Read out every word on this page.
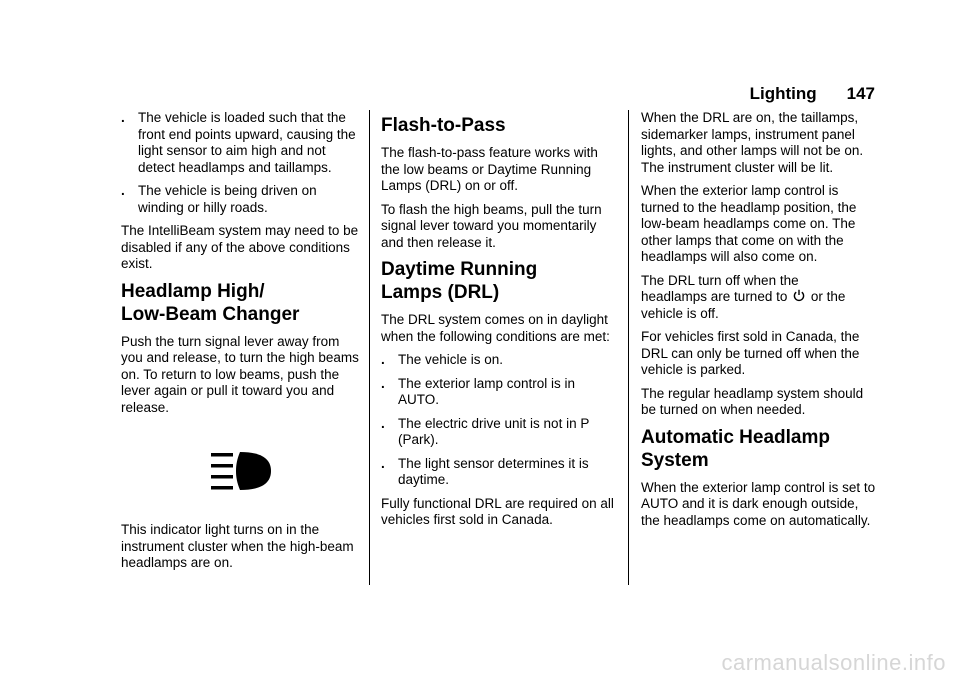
Lighting 147
. The vehicle is loaded such that the front end points upward, causing the light sensor to aim high and not detect headlamps and taillamps.
. The vehicle is being driven on winding or hilly roads.

The IntelliBeam system may need to be disabled if any of the above conditions exist.

Headlamp High/
Low-Beam Changer

Push the turn signal lever away from you and release, to turn the high beams on. To return to low beams, push the lever again or pull it toward you and release.

This indicator light turns on in the instrument cluster when the high-beam headlamps are on.

Flash-to-Pass

The flash-to-pass feature works with the low beams or Daytime Running Lamps (DRL) on or off.

To flash the high beams, pull the turn signal lever toward you momentarily and then release it.

Daytime Running
Lamps (DRL)

The DRL system comes on in daylight when the following conditions are met:

. The vehicle is on.
. The exterior lamp control is in AUTO.
. The electric drive unit is not in P (Park).
. The light sensor determines it is daytime.

Fully functional DRL are required on all vehicles first sold in Canada.

When the DRL are on, the taillamps, sidemarker lamps, instrument panel lights, and other lamps will not be on. The instrument cluster will be lit.

When the exterior lamp control is turned to the headlamp position, the low-beam headlamps come on. The other lamps that come on with the headlamps will also come on.

The DRL turn off when the
headlamps are turned to or the vehicle is off.

For vehicles first sold in Canada, the DRL can only be turned off when the vehicle is parked.

The regular headlamp system should be turned on when needed.

Automatic Headlamp
System

When the exterior lamp control is set to AUTO and it is dark enough outside, the headlamps come on automatically.

carmanualsonline.info
